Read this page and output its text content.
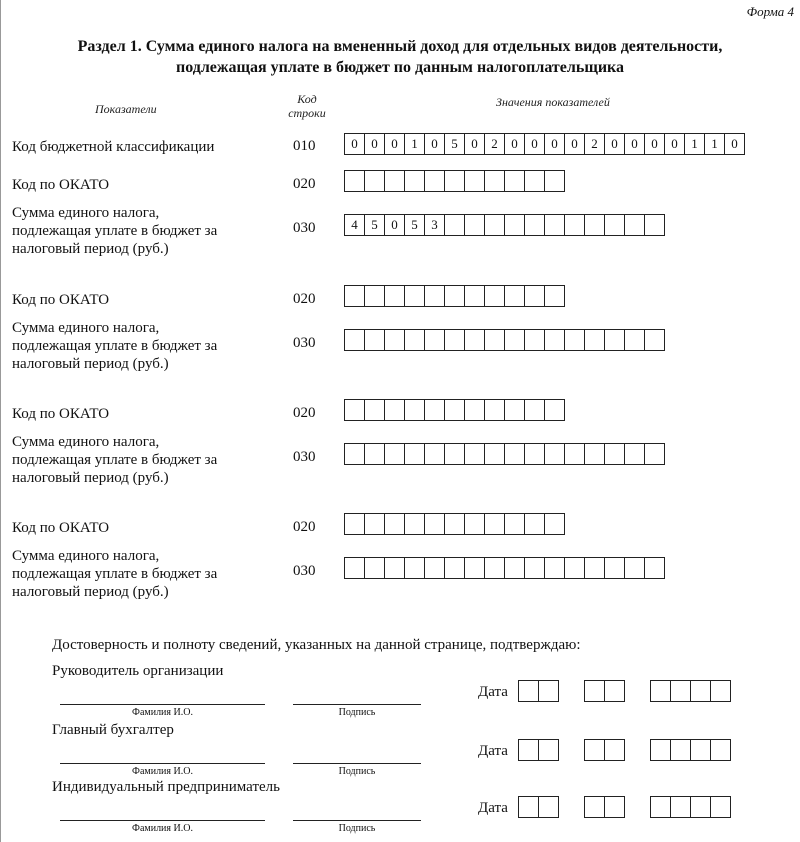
Форма 4
Раздел 1. Сумма единого налога на вмененный доход для отдельных видов деятельности,
подлежащая уплате в бюджет по данным налогоплательщика
Показатели
Код
строки
Значения показателей
Код бюджетной классификации	010	0	0	0	1	0	5	0	2	0	0	0	0	2	0	0	0	0	1	1	0
Код по ОКАТО	020
Сумма единого налога,
подлежащая уплате в бюджет за
налоговый период (руб.)
030	4	5	0	5	3
Код по ОКАТО	020
Сумма единого налога,
подлежащая уплате в бюджет за
налоговый период (руб.)
030
Код по ОКАТО	020
Сумма единого налога,
подлежащая уплате в бюджет за
налоговый период (руб.)
030
Код по ОКАТО	020
Сумма единого налога,
подлежащая уплате в бюджет за
налоговый период (руб.)
030
Достоверность и полноту сведений, указанных на данной странице, подтверждаю:
Руководитель организации
Фамилия И.О.	Подпись
Дата
Главный бухгалтер
Фамилия И.О.	Подпись
Дата
Индивидуальный предприниматель
Фамилия И.О.	Подпись
Дата
